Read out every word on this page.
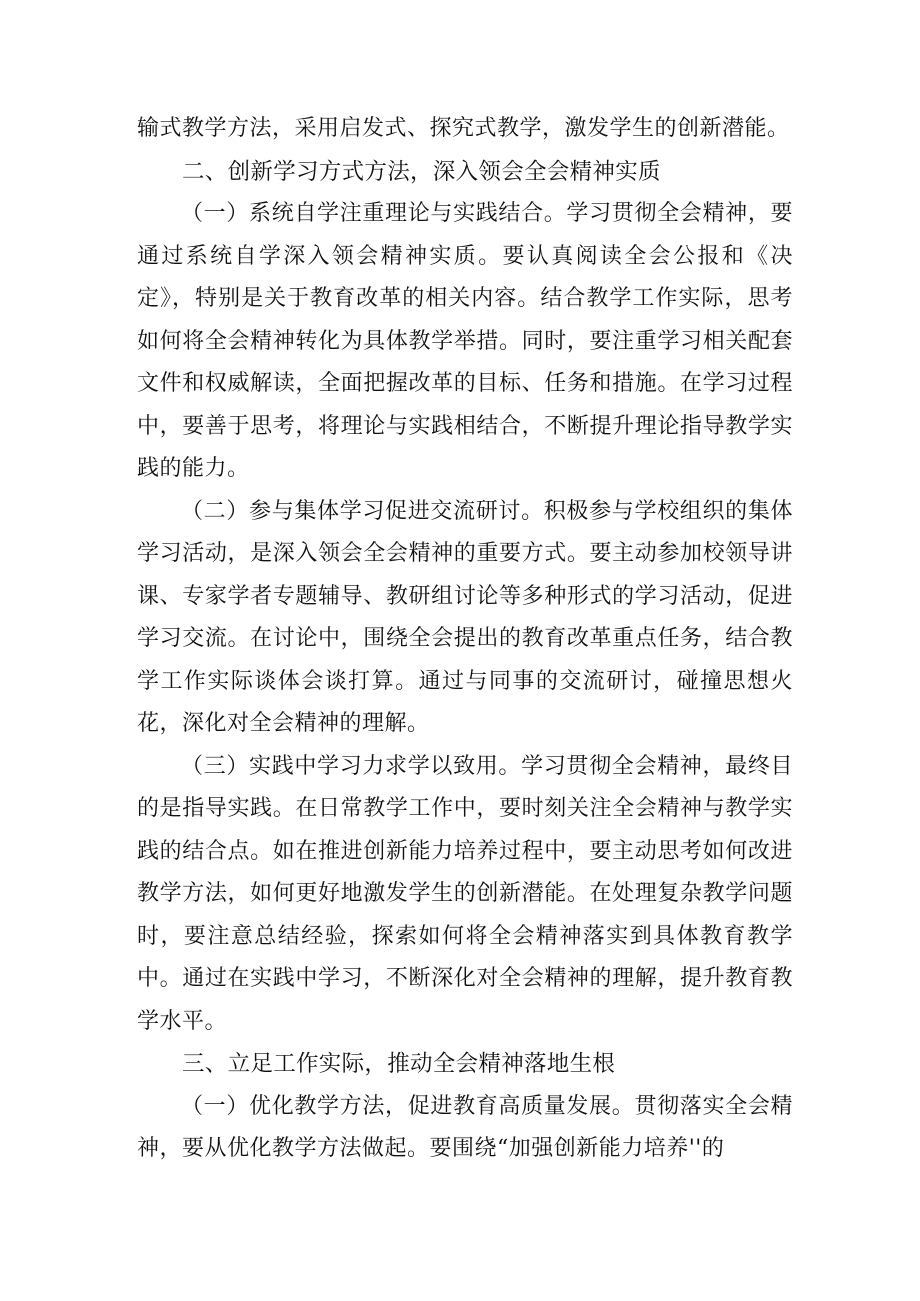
输式教学方法，采用启发式、探究式教学，激发学生的创新潜能。

二、创新学习方式方法，深入领会全会精神实质

（一）系统自学注重理论与实践结合。学习贯彻全会精神，要通过系统自学深入领会精神实质。要认真阅读全会公报和《决定》，特别是关于教育改革的相关内容。结合教学工作实际，思考如何将全会精神转化为具体教学举措。同时，要注重学习相关配套文件和权威解读，全面把握改革的目标、任务和措施。在学习过程中，要善于思考，将理论与实践相结合，不断提升理论指导教学实践的能力。

（二）参与集体学习促进交流研讨。积极参与学校组织的集体学习活动，是深入领会全会精神的重要方式。要主动参加校领导讲课、专家学者专题辅导、教研组讨论等多种形式的学习活动，促进学习交流。在讨论中，围绕全会提出的教育改革重点任务，结合教学工作实际谈体会谈打算。通过与同事的交流研讨，碰撞思想火花，深化对全会精神的理解。

（三）实践中学习力求学以致用。学习贯彻全会精神，最终目的是指导实践。在日常教学工作中，要时刻关注全会精神与教学实践的结合点。如在推进创新能力培养过程中，要主动思考如何改进教学方法，如何更好地激发学生的创新潜能。在处理复杂教学问题时，要注意总结经验，探索如何将全会精神落实到具体教育教学中。通过在实践中学习，不断深化对全会精神的理解，提升教育教学水平。

三、立足工作实际，推动全会精神落地生根

（一）优化教学方法，促进教育高质量发展。贯彻落实全会精神，要从优化教学方法做起。要围绕“加强创新能力培养''的
